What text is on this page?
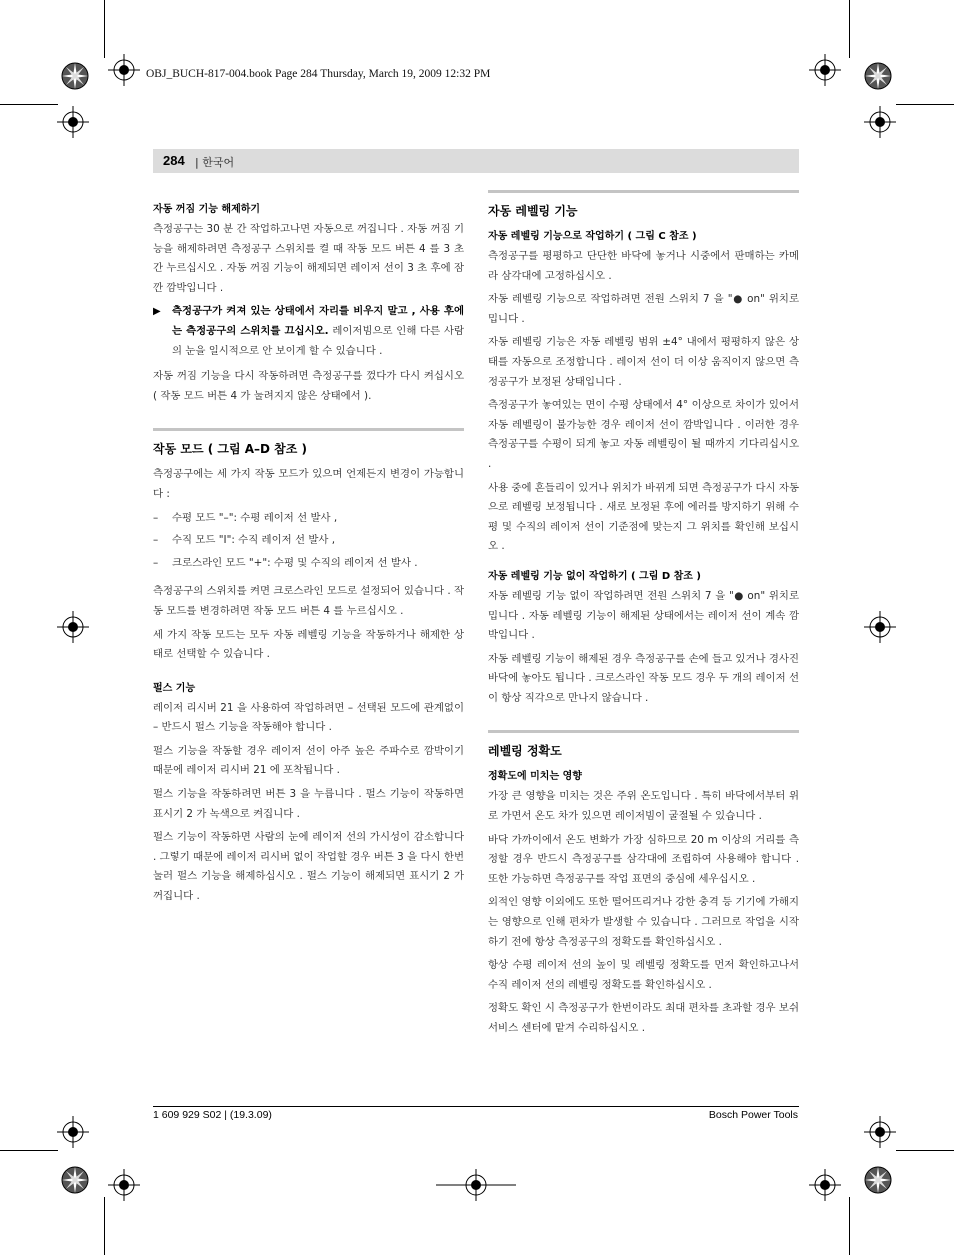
OBJ_BUCH-817-004.book Page 284 Thursday, March 19, 2009 12:32 PM
284 | 한국어
자동 꺼짐 기능 해제하기

측정공구는 30 분 간 작업하고나면 자동으로 꺼집니다 . 자동 꺼짐 기능을 해제하려면 측정공구 스위치를 켤 때 작동 모드 버튼 4 를 3 초간 누르십시오 . 자동 꺼짐 기능이 해제되면 레이저 선이 3 초 후에 잠깐 깜박입니다 .

▶	측정공구가 켜져 있는 상태에서 자리를 비우지 말고 , 사용 후에는 측정공구의 스위치를 끄십시오. 레이저빔으로 인해 다른 사람의 눈을 일시적으로 안 보이게 할 수 있습니다 .

자동 꺼짐 기능을 다시 작동하려면 측정공구를 껐다가 다시 켜십시오 ( 작동 모드 버튼 4 가 눌려지지 않은 상태에서 ).

작동 모드 ( 그림 A–D 참조 )

측정공구에는 세 가지 작동 모드가 있으며 언제든지 변경이 가능합니다 :

–	수평 모드 "–": 수평 레이저 선 발사 ,
–	수직 모드 "I": 수직 레이저 선 발사 ,
–	크로스라인 모드 "+": 수평 및 수직의 레이저 선 발사 .

측정공구의 스위치를 켜면 크로스라인 모드로 설정되어 있습니다 . 작동 모드를 변경하려면 작동 모드 버튼 4 를 누르십시오 .

세 가지 작동 모드는 모두 자동 레벨링 기능을 작동하거나 해제한 상태로 선택할 수 있습니다 .

펄스 기능

레이저 리시버 21 을 사용하여 작업하려면 – 선택된 모드에 관계없이 – 반드시 펄스 기능을 작동해야 합니다 .

펄스 기능을 작동할 경우 레이저 선이 아주 높은 주파수로 깜박이기 때문에 레이저 리시버 21 에 포착됩니다 .

펄스 기능을 작동하려면 버튼 3 을 누릅니다 . 펄스 기능이 작동하면 표시기 2 가 녹색으로 켜집니다 .

펄스 기능이 작동하면 사람의 눈에 레이저 선의 가시성이 감소합니다 . 그렇기 때문에 레이저 리시버 없이 작업할 경우 버튼 3 을 다시 한번 눌러 펄스 기능을 해제하십시오 . 펄스 기능이 해제되면 표시기 2 가 꺼집니다 .

자동 레벨링 기능
자동 레벨링 기능으로 작업하기 ( 그림 C 참조 )

측정공구를 평평하고 단단한 바닥에 놓거나 시중에서 판매하는 카메라 삼각대에 고정하십시오 .

자동 레벨링 기능으로 작업하려면 전원 스위치 7 을 "● on" 위치로 밉니다 .

자동 레벨링 기능은 자동 레벨링 범위 ±4° 내에서 평평하지 않은 상태를 자동으로 조정합니다 . 레이저 선이 더 이상 움직이지 않으면 측정공구가 보정된 상태입니다 .

측정공구가 놓여있는 면이 수평 상태에서 4° 이상으로 차이가 있어서 자동 레벨링이 불가능한 경우 레이저 선이 깜박입니다 . 이러한 경우 측정공구를 수평이 되게 놓고 자동 레벨링이 될 때까지 기다리십시오 .

사용 중에 흔들리이 있거나 위치가 바뀌게 되면 측정공구가 다시 자동으로 레벨링 보정됩니다 . 새로 보정된 후에 에러를 방지하기 위해 수평 및 수직의 레이저 선이 기준점에 맞는지 그 위치를 확인해 보십시오 .

자동 레벨링 기능 없이 작업하기 ( 그림 D 참조 )

자동 레벨링 기능 없이 작업하려면 전원 스위치 7 을 "● on" 위치로 밉니다 . 자동 레벨링 기능이 해제된 상태에서는 레이저 선이 계속 깜박입니다 .

자동 레벨링 기능이 해제된 경우 측정공구를 손에 들고 있거나 경사진 바닥에 놓아도 됩니다 . 크로스라인 작동 모드 경우 두 개의 레이저 선이 항상 직각으로 만나지 않습니다 .

레벨링 정확도
정확도에 미치는 영향

가장 큰 영향을 미치는 것은 주위 온도입니다 . 특히 바닥에서부터 위로 가면서 온도 차가 있으면 레이저빔이 굴절될 수 있습니다 .

바닥 가까이에서 온도 변화가 가장 심하므로 20 m 이상의 거리를 측정할 경우 반드시 측정공구를 삼각대에 조립하여 사용해야 합니다 . 또한 가능하면 측정공구를 작업 표면의 중심에 세우십시오 .

외적인 영향 이외에도 또한 떨어뜨리거나 강한 충격 등 기기에 가해지는 영향으로 인해 편차가 발생할 수 있습니다 . 그러므로 작업을 시작하기 전에 항상 측정공구의 정확도를 확인하십시오 .

항상 수평 레이저 선의 높이 및 레벨링 정확도를 먼저 확인하고나서 수직 레이저 선의 레벨링 정확도를 확인하십시오 .

정확도 확인 시 측정공구가 한번이라도 최대 편차를 초과할 경우 보쉬 서비스 센터에 맡겨 수리하십시오 .

1 609 929 S02 | (19.3.09)	Bosch Power Tools
